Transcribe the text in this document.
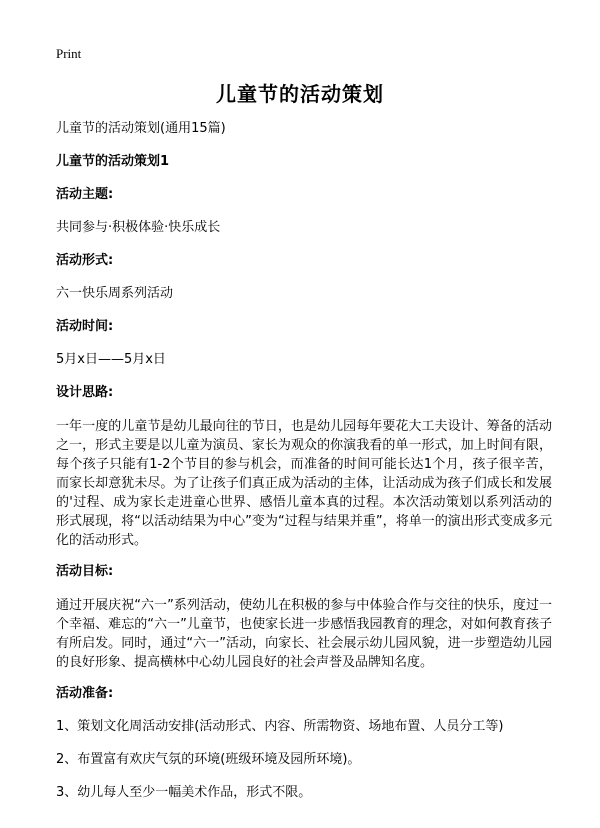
Print
儿童节的活动策划
儿童节的活动策划(通用15篇)
儿童节的活动策划1
活动主题:
共同参与·积极体验·快乐成长
活动形式:
六一快乐周系列活动
活动时间:
5月x日——5月x日
设计思路:
一年一度的儿童节是幼儿最向往的节日，也是幼儿园每年要花大工夫设计、筹备的活动之一，形式主要是以儿童为演员、家长为观众的你演我看的单一形式，加上时间有限，每个孩子只能有1-2个节目的参与机会，而准备的时间可能长达1个月，孩子很辛苦，而家长却意犹未尽。为了让孩子们真正成为活动的主体，让活动成为孩子们成长和发展的'过程、成为家长走进童心世界、感悟儿童本真的过程。本次活动策划以系列活动的形式展现，将“以活动结果为中心”变为“过程与结果并重”，将单一的演出形式变成多元化的活动形式。
活动目标:
通过开展庆祝“六一”系列活动，使幼儿在积极的参与中体验合作与交往的快乐，度过一个幸福、难忘的“六一”儿童节，也使家长进一步感悟我园教育的理念，对如何教育孩子有所启发。同时，通过“六一”活动，向家长、社会展示幼儿园风貌，进一步塑造幼儿园的良好形象、提高横林中心幼儿园良好的社会声誉及品牌知名度。
活动准备:
1、策划文化周活动安排(活动形式、内容、所需物资、场地布置、人员分工等)
2、布置富有欢庆气氛的环境(班级环境及园所环境)。
3、幼儿每人至少一幅美术作品，形式不限。
